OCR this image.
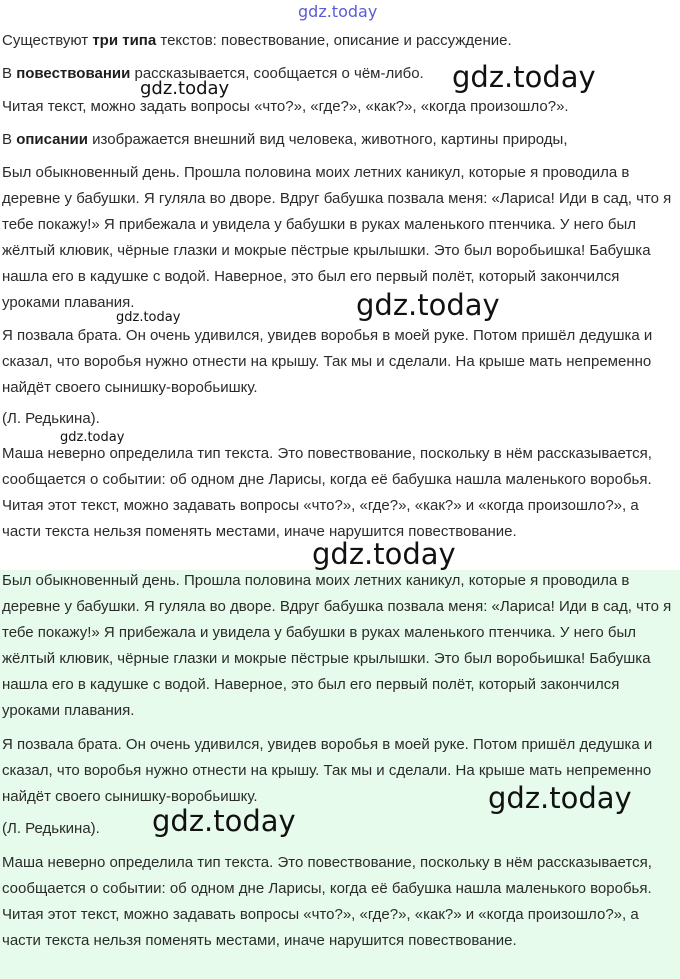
gdz.today

Существуют три типа текстов: повествование, описание и рассуждение.

В повествовании рассказывается, сообщается о чём-либо.

Читая текст, можно задать вопросы «что?», «где?», «как?», «когда произошло?».

В описании изображается внешний вид человека, животного, картины природы,

Был обыкновенный день. Прошла половина моих летних каникул, которые я проводила в деревне у бабушки. Я гуляла во дворе. Вдруг бабушка позвала меня: «Лариса! Иди в сад, что я тебе покажу!» Я прибежала и увидела у бабушки в руках маленького птенчика. У него был жёлтый клювик, чёрные глазки и мокрые пёстрые крылышки. Это был воробьишка! Бабушка нашла его в кадушке с водой. Наверное, это был его первый полёт, который закончился уроками плавания.

Я позвала брата. Он очень удивился, увидев воробья в моей руке. Потом пришёл дедушка и сказал, что воробья нужно отнести на крышу. Так мы и сделали. На крыше мать непременно найдёт своего сынишку-воробьишку.

(Л. Редькина).

Маша неверно определила тип текста. Это повествование, поскольку в нём рассказывается, сообщается о событии: об одном дне Ларисы, когда её бабушка нашла маленького воробья. Читая этот текст, можно задавать вопросы «что?», «где?», «как?» и «когда произошло?», а части текста нельзя поменять местами, иначе нарушится повествование.

Был обыкновенный день. Прошла половина моих летних каникул, которые я проводила в деревне у бабушки. Я гуляла во дворе. Вдруг бабушка позвала меня: «Лариса! Иди в сад, что я тебе покажу!» Я прибежала и увидела у бабушки в руках маленького птенчика. У него был жёлтый клювик, чёрные глазки и мокрые пёстрые крылышки. Это был воробьишка! Бабушка нашла его в кадушке с водой. Наверное, это был его первый полёт, который закончился уроками плавания.

Я позвала брата. Он очень удивился, увидев воробья в моей руке. Потом пришёл дедушка и сказал, что воробья нужно отнести на крышу. Так мы и сделали. На крыше мать непременно найдёт своего сынишку-воробьишку.

(Л. Редькина).

Маша неверно определила тип текста. Это повествование, поскольку в нём рассказывается, сообщается о событии: об одном дне Ларисы, когда её бабушка нашла маленького воробья. Читая этот текст, можно задавать вопросы «что?», «где?», «как?» и «когда произошло?», а части текста нельзя поменять местами, иначе нарушится повествование.

gdz.today
gdz.today
gdz.today
gdz.today
gdz.today
gdz.today
gdz.today
gdz.today
